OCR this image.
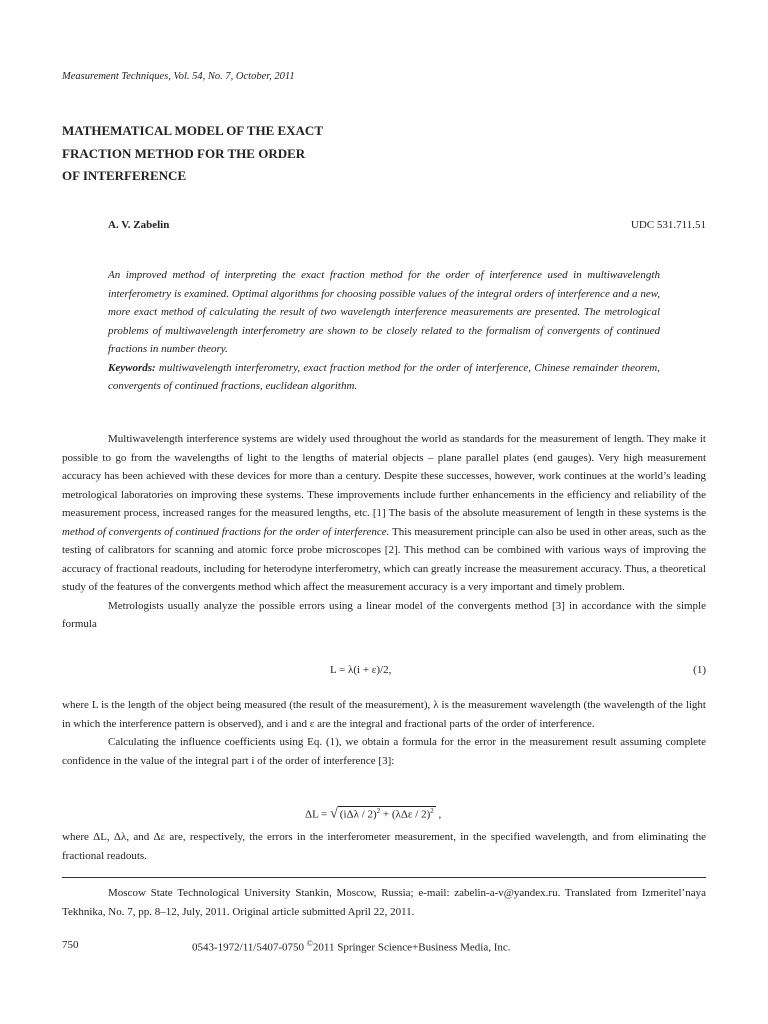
Measurement Techniques, Vol. 54, No. 7, October, 2011
MATHEMATICAL MODEL OF THE EXACT
FRACTION METHOD FOR THE ORDER
OF INTERFERENCE
A. V. Zabelin	UDC 531.711.51
An improved method of interpreting the exact fraction method for the order of interference used in multiwavelength interferometry is examined. Optimal algorithms for choosing possible values of the integral orders of interference and a new, more exact method of calculating the result of two wavelength interference measurements are presented. The metrological problems of multiwavelength interferometry are shown to be closely related to the formalism of convergents of continued fractions in number theory.
Keywords: multiwavelength interferometry, exact fraction method for the order of interference, Chinese remainder theorem, convergents of continued fractions, euclidean algorithm.

Multiwavelength interference systems are widely used throughout the world as standards for the measurement of length. They make it possible to go from the wavelengths of light to the lengths of material objects – plane parallel plates (end gauges). Very high measurement accuracy has been achieved with these devices for more than a century. Despite these successes, however, work continues at the world’s leading metrological laboratories on improving these systems. These improvements include further enhancements in the efficiency and reliability of the measurement process, increased ranges for the measured lengths, etc. [1] The basis of the absolute measurement of length in these systems is the method of convergents of continued fractions for the order of interference. This measurement principle can also be used in other areas, such as the testing of calibrators for scanning and atomic force probe microscopes [2]. This method can be combined with various ways of improving the accuracy of fractional readouts, including for heterodyne interferometry, which can greatly increase the measurement accuracy. Thus, a theoretical study of the features of the convergents method which affect the measurement accuracy is a very important and timely problem.

Metrologists usually analyze the possible errors using a linear model of the convergents method [3] in accordance with the simple formula

L = λ(i + ε)/2,	(1)

where L is the length of the object being measured (the result of the measurement), λ is the measurement wavelength (the wavelength of the light in which the interference pattern is observed), and i and ε are the integral and fractional parts of the order of interference.

Calculating the influence coefficients using Eq. (1), we obtain a formula for the error in the measurement result assuming complete confidence in the value of the integral part i of the order of interference [3]:

ΔL = √ (iΔλ / 2)$^2$ + (λΔε / 2)$^2$ ,

where ΔL, Δλ, and Δε are, respectively, the errors in the interferometer measurement, in the specified wavelength, and from eliminating the fractional readouts.

Moscow State Technological University Stankin, Moscow, Russia; e-mail: zabelin-a-v@yandex.ru. Translated from Izmeritel’naya Tekhnika, No. 7, pp. 8–12, July, 2011. Original article submitted April 22, 2011.

750	0543-1972/11/5407-0750 ©2011 Springer Science+Business Media, Inc.
